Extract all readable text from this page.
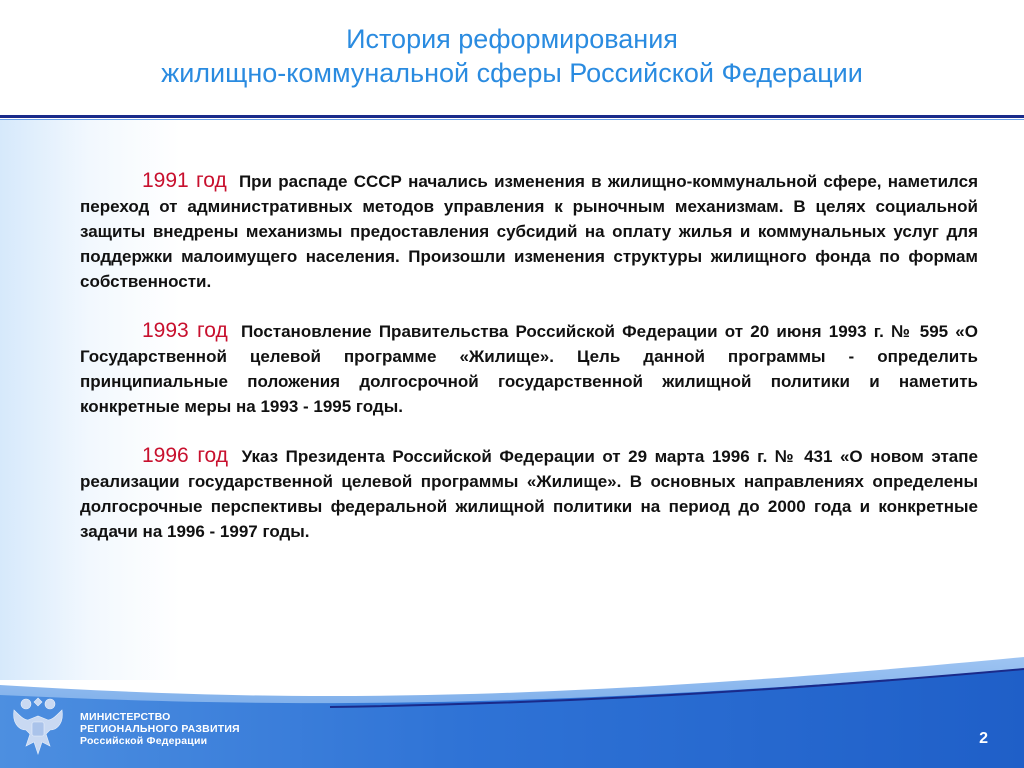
История реформирования
жилищно-коммунальной сферы Российской Федерации

1991 год При распаде СССР начались изменения в жилищно-коммунальной сфере, наметился переход от административных методов управления к рыночным механизмам. В целях социальной защиты внедрены механизмы предоставления субсидий на оплату жилья и коммунальных услуг для поддержки малоимущего населения. Произошли изменения структуры жилищного фонда по формам собственности.

1993 год Постановление Правительства Российской Федерации от 20 июня 1993 г. № 595 «О Государственной целевой программе «Жилище». Цель данной программы - определить принципиальные положения долгосрочной государственной жилищной политики и наметить конкретные меры на 1993 - 1995 годы.

1996 год Указ Президента Российской Федерации от 29 марта 1996 г. № 431 «О новом этапе реализации государственной целевой программы «Жилище». В основных направлениях определены долгосрочные перспективы федеральной жилищной политики на период до 2000 года и конкретные задачи на 1996 - 1997 годы.

МИНИСТЕРСТВО
РЕГИОНАЛЬНОГО РАЗВИТИЯ
Российской Федерации	2
